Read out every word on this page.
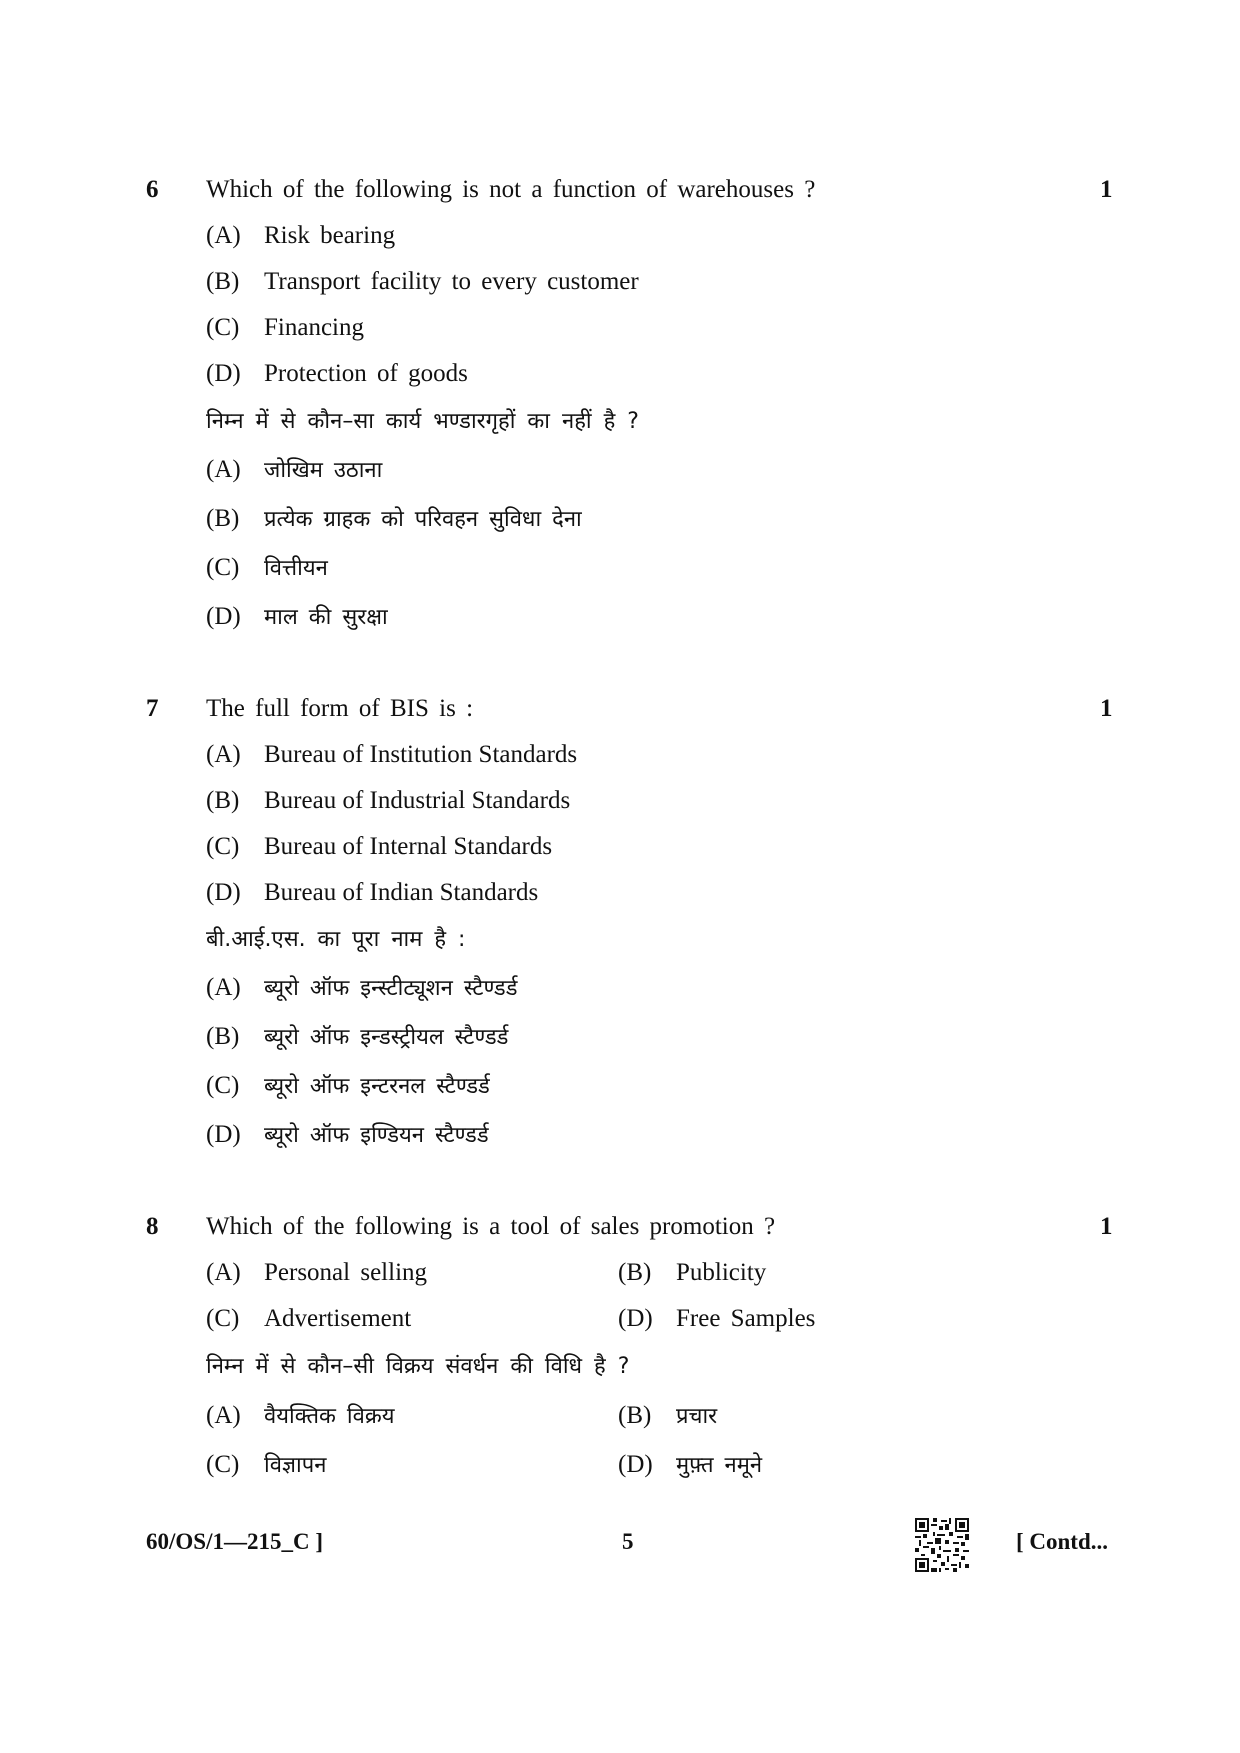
6 Which of the following is not a function of warehouses ?	1
(A) Risk bearing
(B) Transport facility to every customer
(C) Financing
(D) Protection of goods
निम्न में से कौन–सा कार्य भण्डारगृहों का नहीं है ?
(A) जोखिम उठाना
(B) प्रत्येक ग्राहक को परिवहन सुविधा देना
(C) वित्तीयन
(D) माल की सुरक्षा
7 The full form of BIS is :	1
(A) Bureau of Institution Standards
(B) Bureau of Industrial Standards
(C) Bureau of Internal Standards
(D) Bureau of Indian Standards
बी.आई.एस. का पूरा नाम है :
(A) ब्यूरो ऑफ इन्स्टीट्यूशन स्टैण्डर्ड
(B) ब्यूरो ऑफ इन्डस्ट्रीयल स्टैण्डर्ड
(C) ब्यूरो ऑफ इन्टरनल स्टैण्डर्ड
(D) ब्यूरो ऑफ इण्डियन स्टैण्डर्ड
8 Which of the following is a tool of sales promotion ?	1
(A) Personal selling	(B) Publicity
(C) Advertisement	(D) Free Samples
निम्न में से कौन–सी विक्रय संवर्धन की विधि है ?
(A) वैयक्तिक विक्रय	(B) प्रचार
(C) विज्ञापन	(D) मुफ़्त नमूने
60/OS/1—215_C ]	5	[ Contd...
